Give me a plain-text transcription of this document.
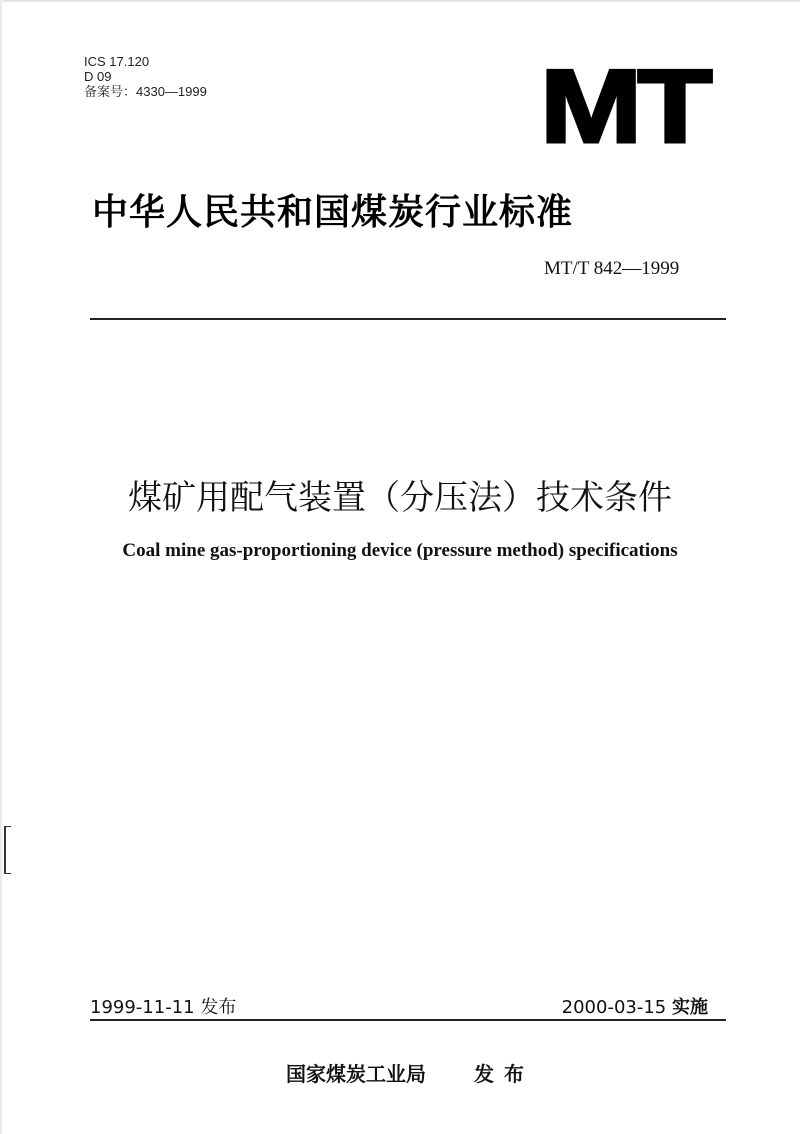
ICS 17.120
D 09
备案号：4330—1999	MT
中华人民共和国煤炭行业标准
MT/T 842—1999
煤矿用配气装置（分压法）技术条件
Coal mine gas-proportioning device (pressure method) specifications
1999-11-11 发布	2000-03-15 实施
国家煤炭工业局 发布
